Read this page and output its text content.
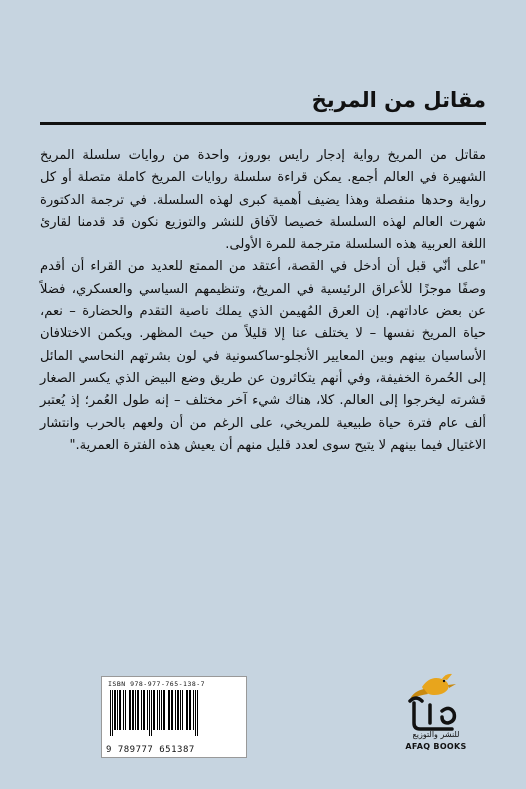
مقاتل من المريخ

مقاتل من المريخ رواية إدجار رايس بوروز، واحدة من روايات سلسلة المريخ الشهيرة في العالم أجمع. يمكن قراءة سلسلة روايات المريخ كاملة متصلة أو كل رواية وحدها منفصلة وهذا يضيف أهمية كبرى لهذه السلسلة. في ترجمة الدكتورة شهرت العالم لهذه السلسلة خصيصا لآفاق للنشر والتوزيع نكون قد قدمنا لقارئ اللغة العربية هذه السلسلة مترجمة للمرة الأولى.

"على أنّي قبل أن أدخل في القصة، أعتقد من الممتع للعديد من القراء أن أقدم وصفًا موجزًا للأعراق الرئيسية في المريخ، وتنظيمهم السياسي والعسكري، فضلاً عن بعض عاداتهم. إن العرق المُهيمن الذي يملك ناصية التقدم والحضارة – نعم، حياة المريخ نفسها – لا يختلف عنا إلا قليلاً من حيث المظهر. ويكمن الاختلافان الأساسيان بينهم وبين المعايير الأنجلو-ساكسونية في لون بشرتهم النحاسي المائل إلى الحُمرة الخفيفة، وفي أنهم يتكاثرون عن طريق وضع البيض الذي يكسر الصغار قشرته ليخرجوا إلى العالم. كلا، هناك شيء آخر مختلف – إنه طول العُمر؛ إذ يُعتبر ألف عام فترة حياة طبيعية للمريخي، على الرغم من أن ولعهم بالحرب وانتشار الاغتيال فيما بينهم لا يتيح سوى لعدد قليل منهم أن يعيش هذه الفترة العمرية."

ISBN 978-977-765-138-7
9 789777 651387
للنشر والتوزيع
AFAQ BOOKS
